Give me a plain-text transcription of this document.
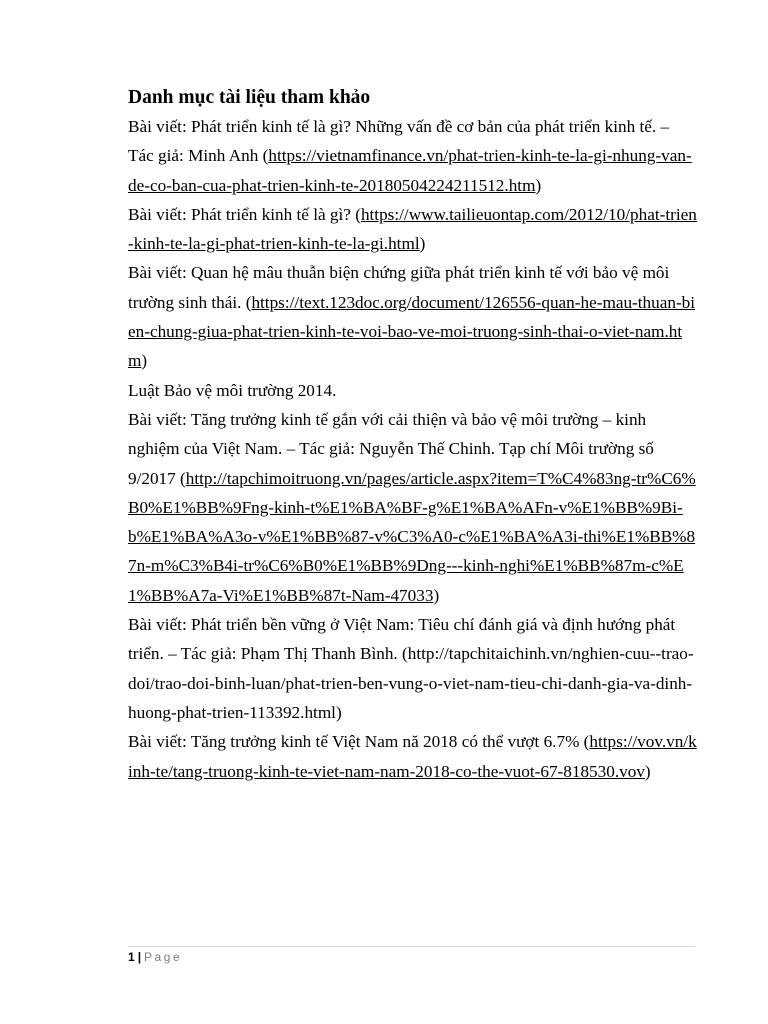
Danh mục tài liệu tham khảo

Bài viết: Phát triển kinh tế là gì? Những vấn đề cơ bản của phát triển kinh tế. – Tác giả: Minh Anh (https://vietnamfinance.vn/phat-trien-kinh-te-la-gi-nhung-van-de-co-ban-cua-phat-trien-kinh-te-20180504224211512.htm)

Bài viết: Phát triển kinh tế là gì? (https://www.tailieuontap.com/2012/10/phat-trien-kinh-te-la-gi-phat-trien-kinh-te-la-gi.html)

Bài viết: Quan hệ mâu thuẫn biện chứng giữa phát triển kinh tế với bảo vệ môi trường sinh thái. (https://text.123doc.org/document/126556-quan-he-mau-thuan-bien-chung-giua-phat-trien-kinh-te-voi-bao-ve-moi-truong-sinh-thai-o-viet-nam.htm)

Luật Bảo vệ môi trường 2014.

Bài viết: Tăng trưởng kinh tế gắn với cải thiện và bảo vệ môi trường – kinh nghiệm của Việt Nam. – Tác giả: Nguyễn Thế Chinh. Tạp chí Môi trường số 9/2017 (http://tapchimoitruong.vn/pages/article.aspx?item=T%C4%83ng-tr%C6%B0%E1%BB%9Fng-kinh-t%E1%BA%BF-g%E1%BA%AFn-v%E1%BB%9Bi-b%E1%BA%A3o-v%E1%BB%87-v%C3%A0-c%E1%BA%A3i-thi%E1%BB%87n-m%C3%B4i-tr%C6%B0%E1%BB%9Dng---kinh-nghi%E1%BB%87m-c%E1%BB%A7a-Vi%E1%BB%87t-Nam-47033)

Bài viết: Phát triển bền vững ở Việt Nam: Tiêu chí đánh giá và định hướng phát triển. – Tác giả: Phạm Thị Thanh Bình. (http://tapchitaichinh.vn/nghien-cuu--trao-doi/trao-doi-binh-luan/phat-trien-ben-vung-o-viet-nam-tieu-chi-danh-gia-va-dinh-huong-phat-trien-113392.html)

Bài viết: Tăng trưởng kinh tế Việt Nam nă 2018 có thể vượt 6.7% (https://vov.vn/kinh-te/tang-truong-kinh-te-viet-nam-nam-2018-co-the-vuot-67-818530.vov)

1 | Page
